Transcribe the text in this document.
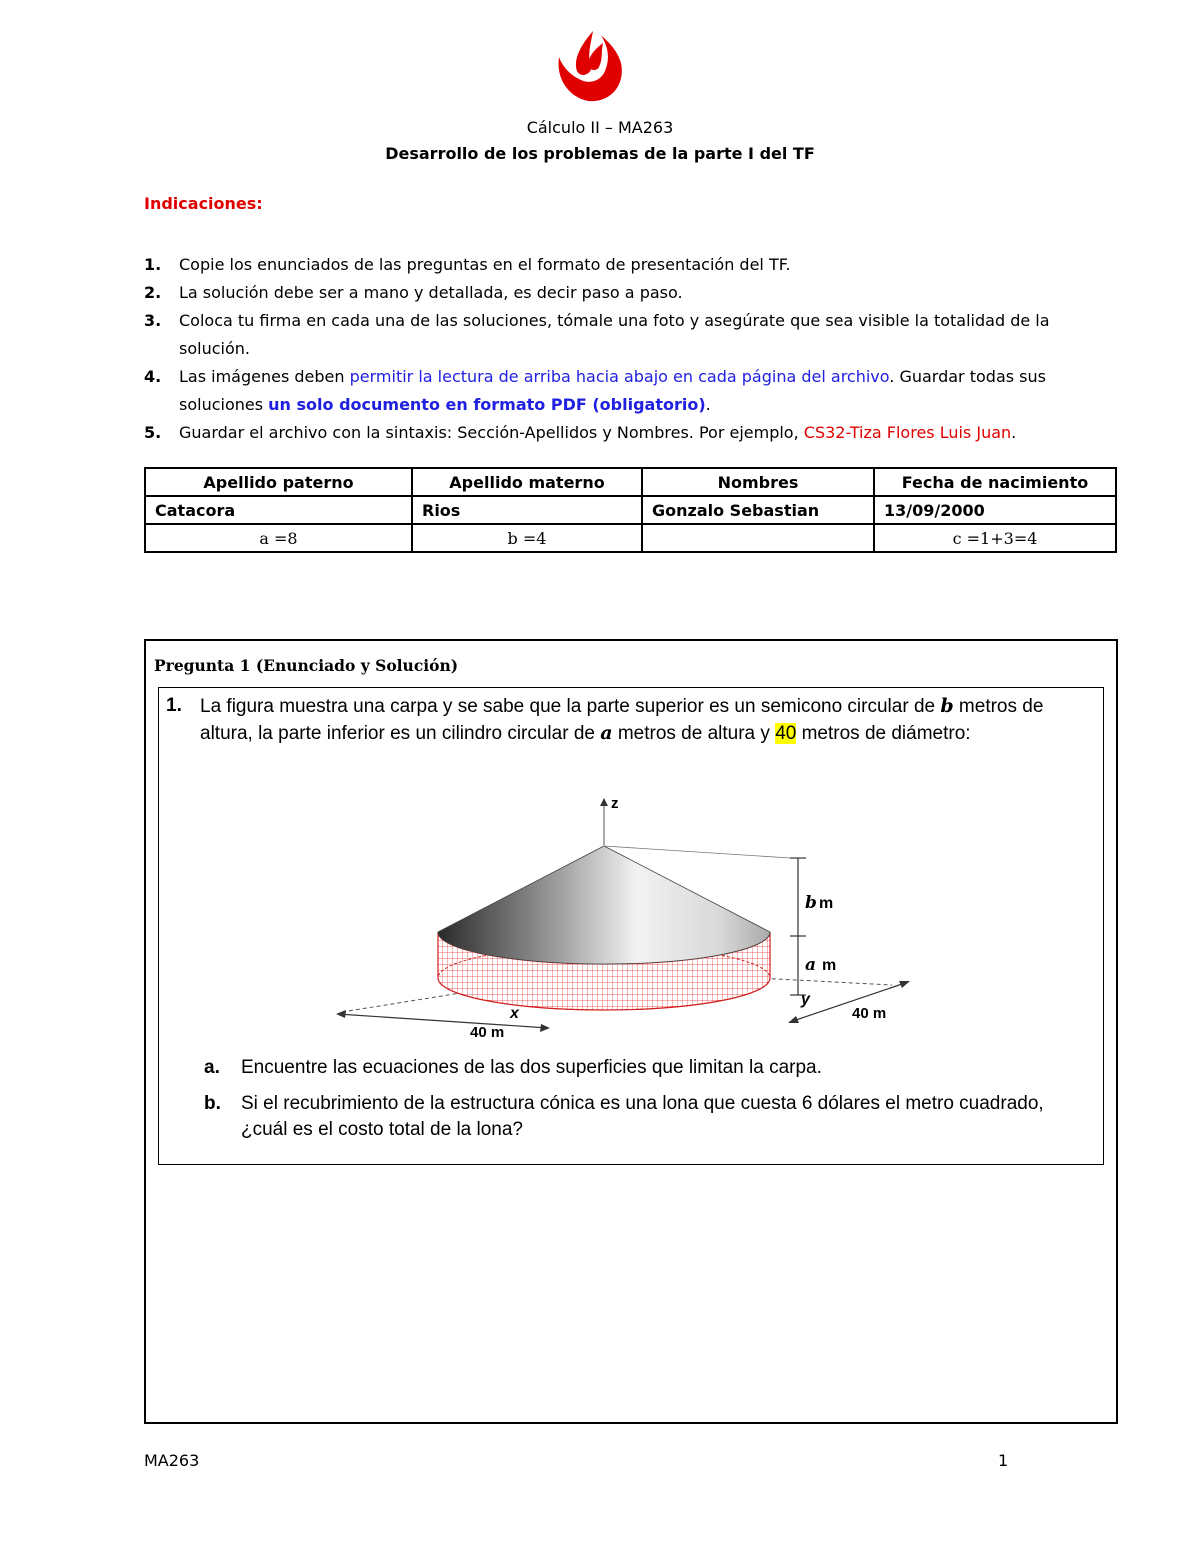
Cálculo II – MA263
Desarrollo de los problemas de la parte I del TF
Indicaciones:
1. Copie los enunciados de las preguntas en el formato de presentación del TF.
2. La solución debe ser a mano y detallada, es decir paso a paso.
3. Coloca tu firma en cada una de las soluciones, tómale una foto y asegúrate que sea visible la totalidad de la solución.
4. Las imágenes deben permitir la lectura de arriba hacia abajo en cada página del archivo. Guardar todas sus soluciones un solo documento en formato PDF (obligatorio).
5. Guardar el archivo con la sintaxis: Sección-Apellidos y Nombres. Por ejemplo, CS32-Tiza Flores Luis Juan.
Apellido paterno	Apellido materno	Nombres	Fecha de nacimiento
Catacora	Rios	Gonzalo Sebastian	13/09/2000
a =8	b =4		c =1+3=4
Pregunta 1 (Enunciado y Solución)
1. La figura muestra una carpa y se sabe que la parte superior es un semicono circular de b metros de altura, la parte inferior es un cilindro circular de a metros de altura y 40 metros de diámetro:
z
b m
a m
y
x
40 m
40 m
a.	Encuentre las ecuaciones de las dos superficies que limitan la carpa.
b.	Si el recubrimiento de la estructura cónica es una lona que cuesta 6 dólares el metro cuadrado, ¿cuál es el costo total de la lona?
MA263	1
